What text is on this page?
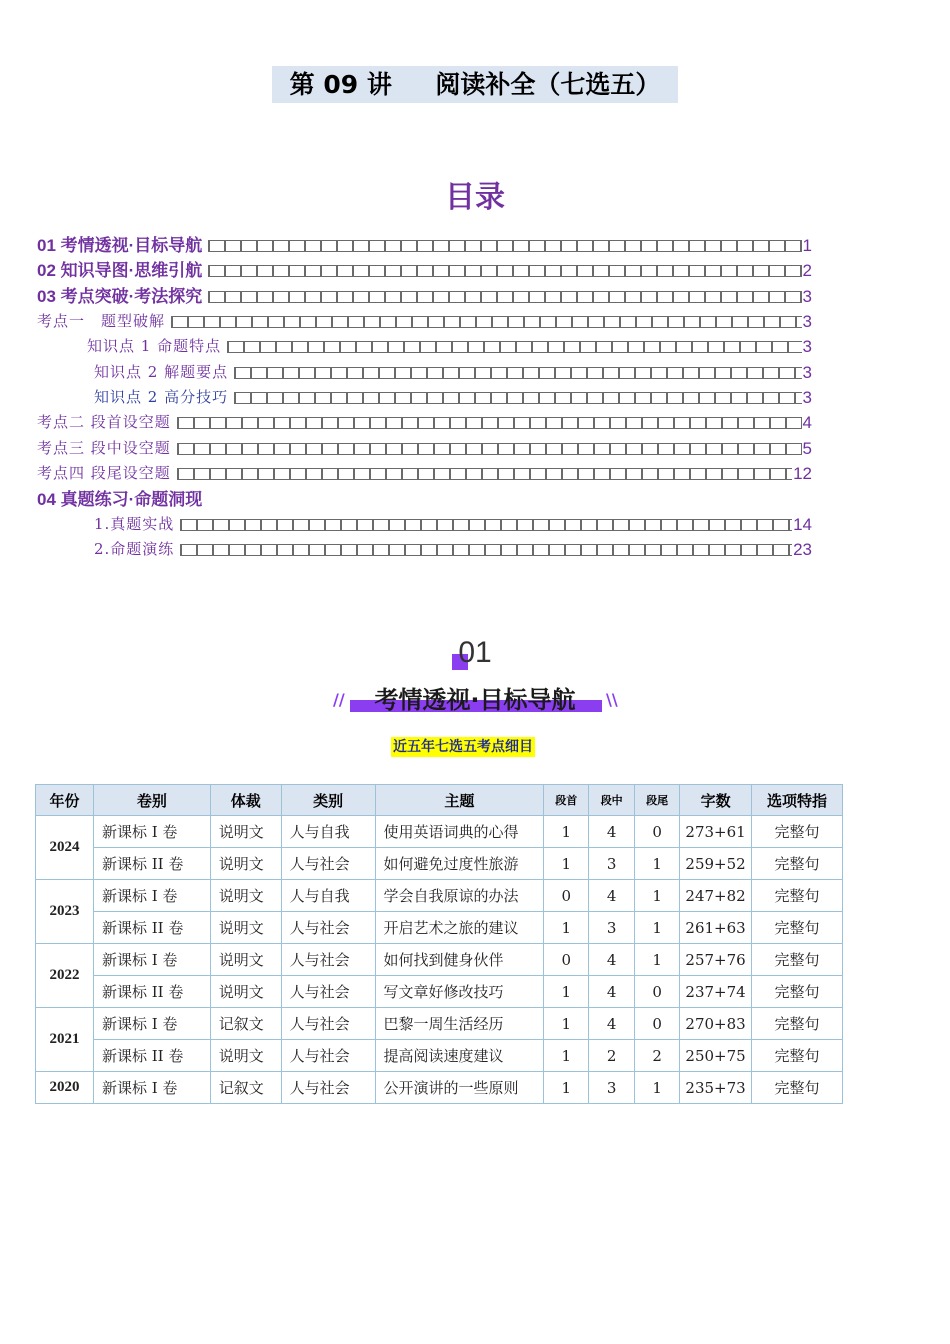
第 09 讲     阅读补全（七选五）
目录
01 考情透视·目标导航	1
02 知识导图·思维引航	2
03 考点突破·考法探究	3
考点一　题型破解	3
知识点 1 命题特点	3
知识点 2 解题要点	3
知识点 2 高分技巧	3
考点二 段首设空题	4
考点三 段中设空题	5
考点四 段尾设空题	12
04 真题练习·命题洞现
1.真题实战	14
2.命题演练	23
01
//	\\
考情透视·目标导航
近五年七选五考点细目
年份	卷别	体裁	类别	主题	段首	段中	段尾	字数	选项特指
2024	新课标 I 卷	说明文	人与自我	使用英语词典的心得	1	4	0	273+61	完整句
	新课标 II 卷	说明文	人与社会	如何避免过度性旅游	1	3	1	259+52	完整句
2023	新课标 I 卷	说明文	人与自我	学会自我原谅的办法	0	4	1	247+82	完整句
	新课标 II 卷	说明文	人与社会	开启艺术之旅的建议	1	3	1	261+63	完整句
2022	新课标 I 卷	说明文	人与社会	如何找到健身伙伴	0	4	1	257+76	完整句
	新课标 II 卷	说明文	人与社会	写文章好修改技巧	1	4	0	237+74	完整句
2021	新课标 I 卷	记叙文	人与社会	巴黎一周生活经历	1	4	0	270+83	完整句
	新课标 II 卷	说明文	人与社会	提高阅读速度建议	1	2	2	250+75	完整句
2020	新课标 I 卷	记叙文	人与社会	公开演讲的一些原则	1	3	1	235+73	完整句
